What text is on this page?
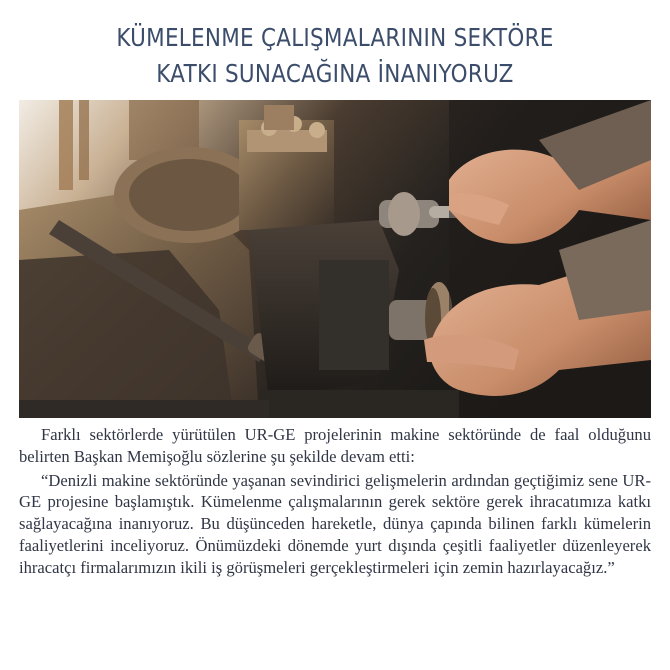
KÜMELENME ÇALIŞMALARININ SEKTÖRE
KATKI SUNACAĞINA İNANIYORUZ

Farklı sektörlerde yürütülen UR-GE projelerinin makine sektöründe de faal olduğunu belirten Başkan Memişoğlu sözlerine şu şekilde devam etti:

“Denizli makine sektöründe yaşanan sevindirici gelişmelerin ardından geçtiğimiz sene UR-GE projesine başlamıştık. Kümelenme çalışmalarının gerek sektöre gerek ihracatımıza katkı sağlayacağına inanıyoruz. Bu düşünceden hareketle, dünya çapında bilinen farklı kümelerin faaliyetlerini inceliyoruz. Önümüzdeki dönemde yurt dışında çeşitli faaliyetler düzenleyerek ihracatçı firmalarımızın ikili iş görüşmeleri gerçekleştirmeleri için zemin hazırlayacağız.”
